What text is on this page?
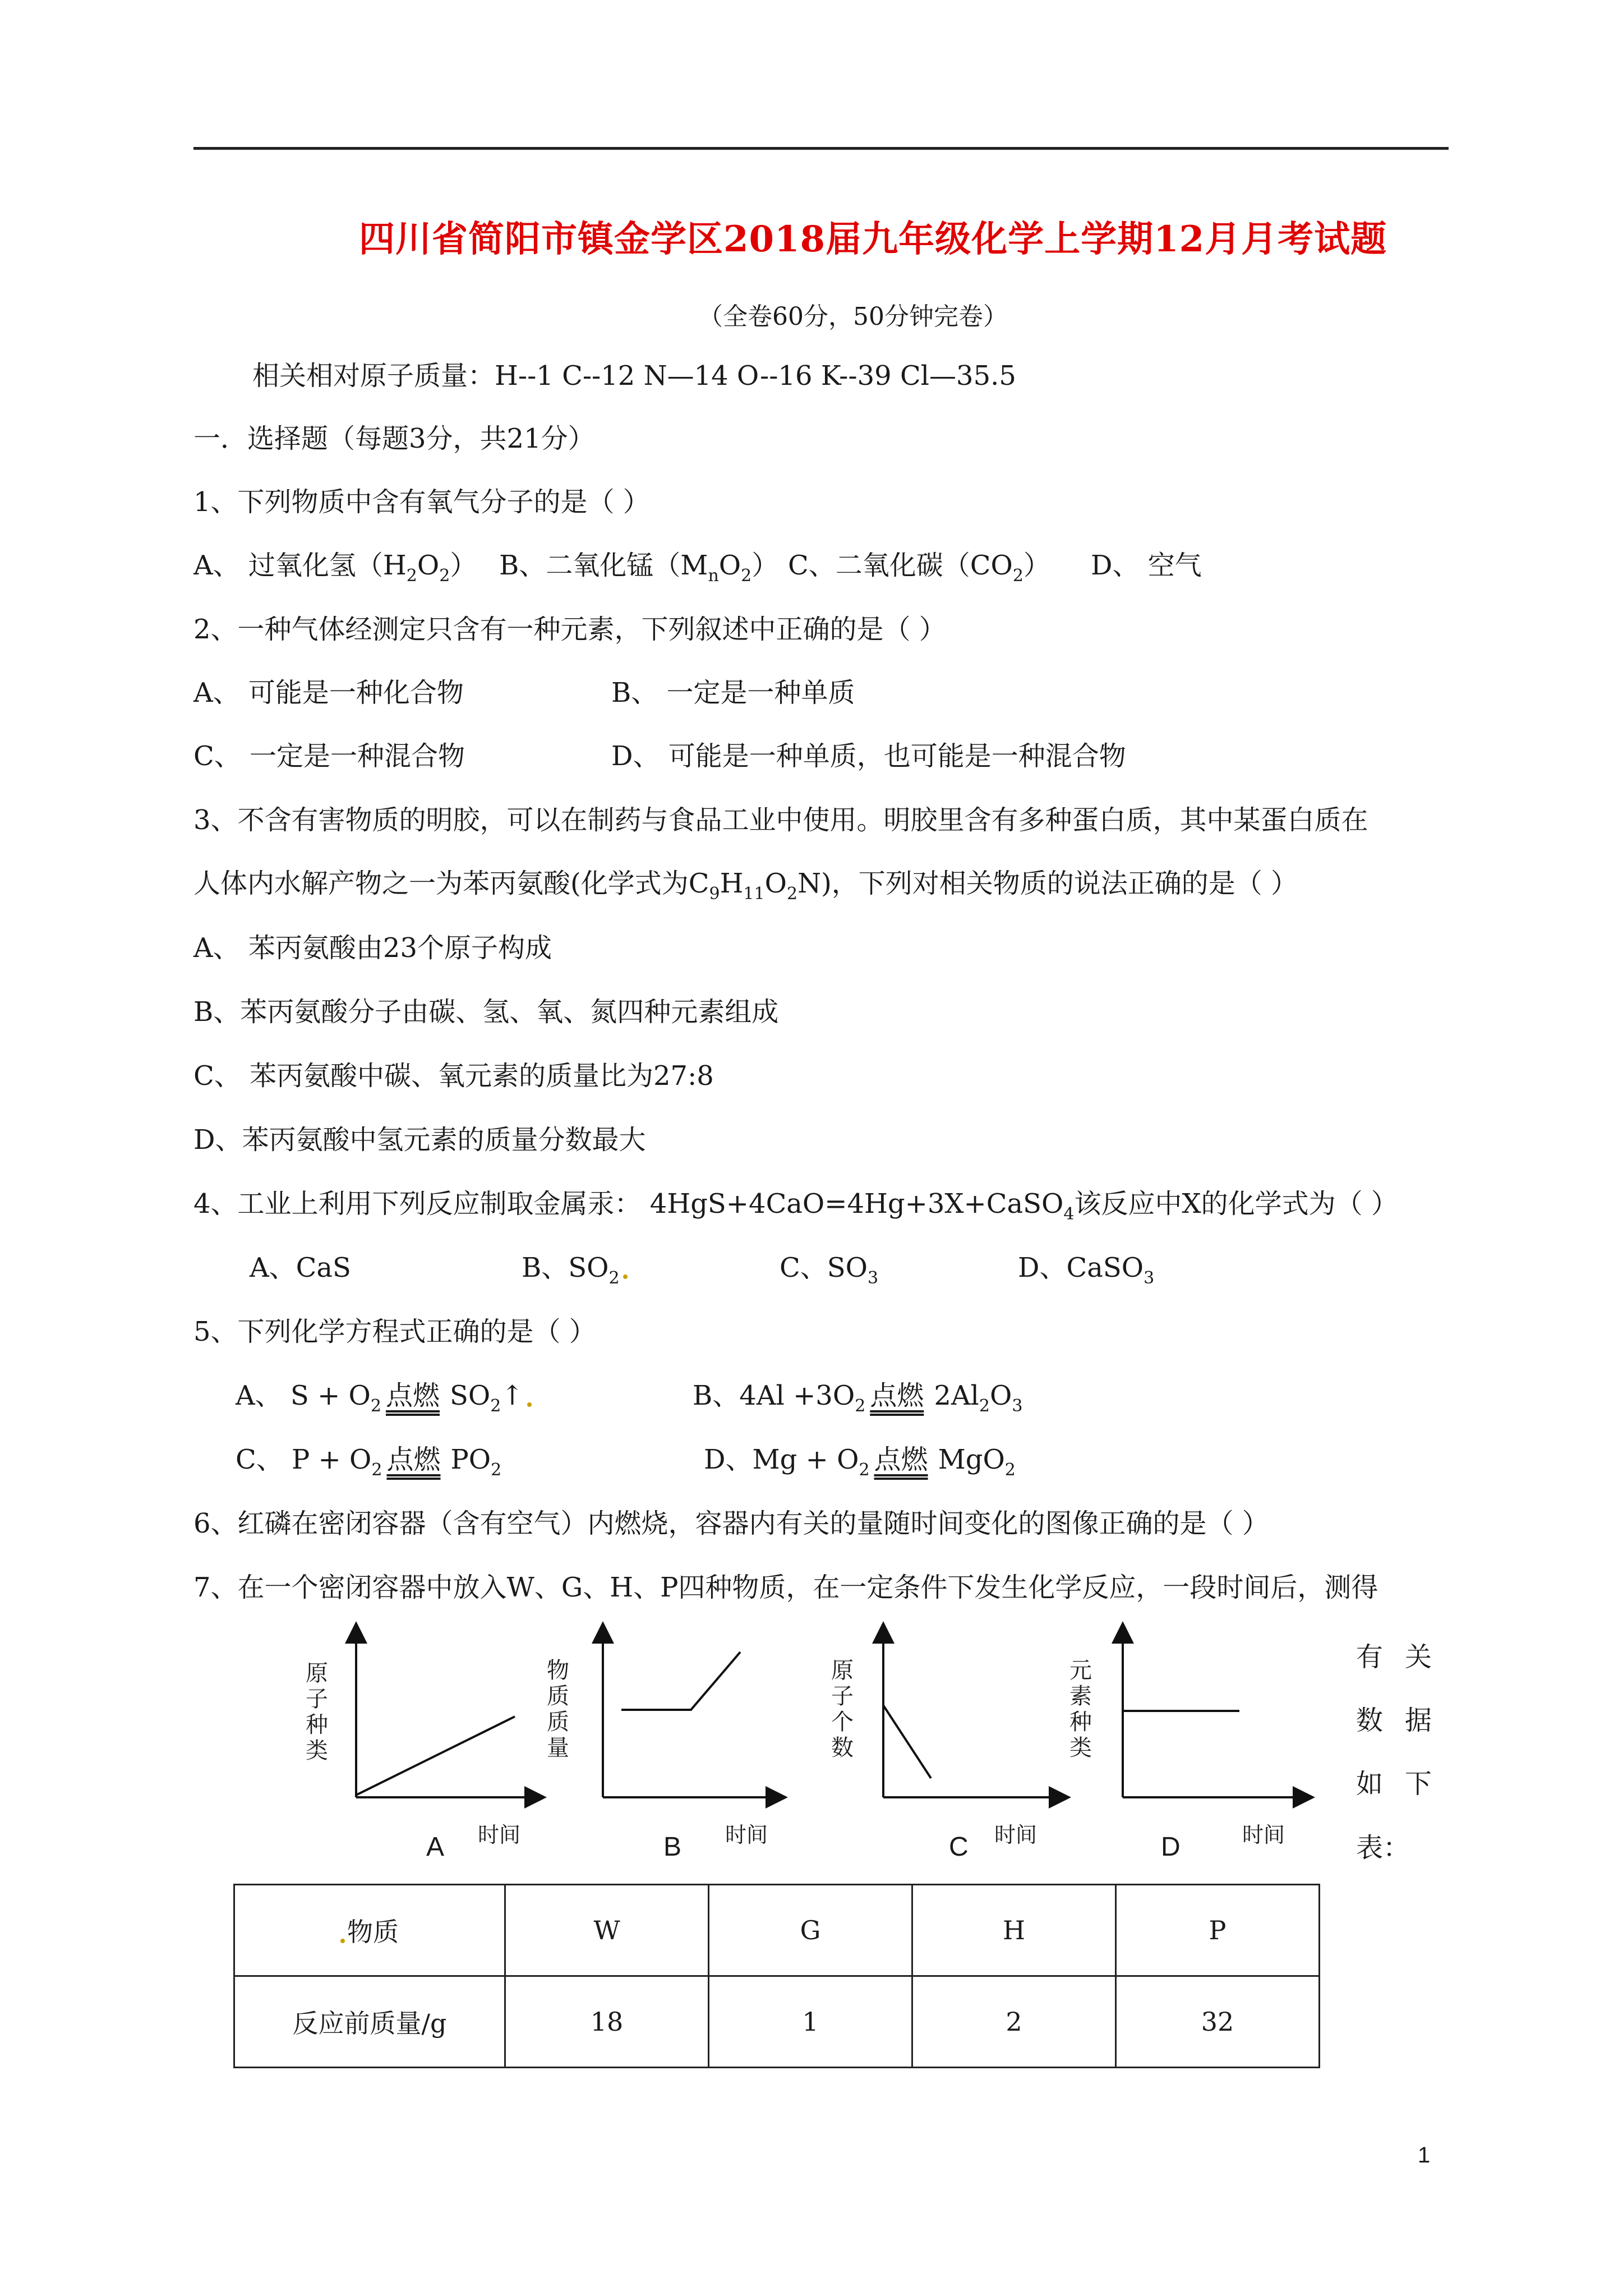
四川省简阳市镇金学区2018届九年级化学上学期12月月考试题
（全卷60分，50分钟完卷）
相关相对原子质量：H--1 C--12 N—14 O--16 K--39 Cl—35.5
一．选择题（每题3分，共21分）
1、下列物质中含有氧气分子的是（ ）
A、 过氧化氢$(H_2O_2)$ B、二氧化锰$(M_nO_2)$ C、二氧化碳$(CO_2)$ D、 空气
2、一种气体经测定只含有一种元素，下列叙述中正确的是（ ）
A、 可能是一种化合物	B、 一定是一种单质
C、 一定是一种混合物	D、 可能是一种单质，也可能是一种混合物
3、不含有害物质的明胶，可以在制药与食品工业中使用。明胶里含有多种蛋白质，其中某蛋白质在
人体内水解产物之一为苯丙氨酸(化学式为$C_9H_{11}O_2N$)，下列对相关物质的说法正确的是（ ）
A、 苯丙氨酸由23个原子构成
B、苯丙氨酸分子由碳、氢、氧、氮四种元素组成
C、 苯丙氨酸中碳、氧元素的质量比为27:8
D、苯丙氨酸中氢元素的质量分数最大
4、工业上利用下列反应制取金属汞： 4HgS+4CaO=4Hg+3X+CaSO$_4$该反应中X的化学式为（ ）
A、CaS	B、$SO_2$	C、$SO_3$	D、CaSO$_3$
5、下列化学方程式正确的是（ ）
A、 $S + O_2$ 点燃 $SO_2↑$	B、$4Al +3O_2$ 点燃 $2Al_2O_3$
C、 $P + O_2$ 点燃 $PO_2$	D、$Mg + O_2$ 点燃 MgO$_2$
6、红磷在密闭容器（含有空气）内燃烧，容器内有关的量随时间变化的图像正确的是（ ）
7、在一个密闭容器中放入W、G、H、P四种物质，在一定条件下发生化学反应，一段时间后，测得
有 关
数 据
如 下
表：
原
子
种
类
物
质
质
量
原
子
个
数
元
素
种
类
时间	时间	时间	时间
A	B	C	D
物质	W	G	H	P
反应前质量/g	18	1	2	32
1
